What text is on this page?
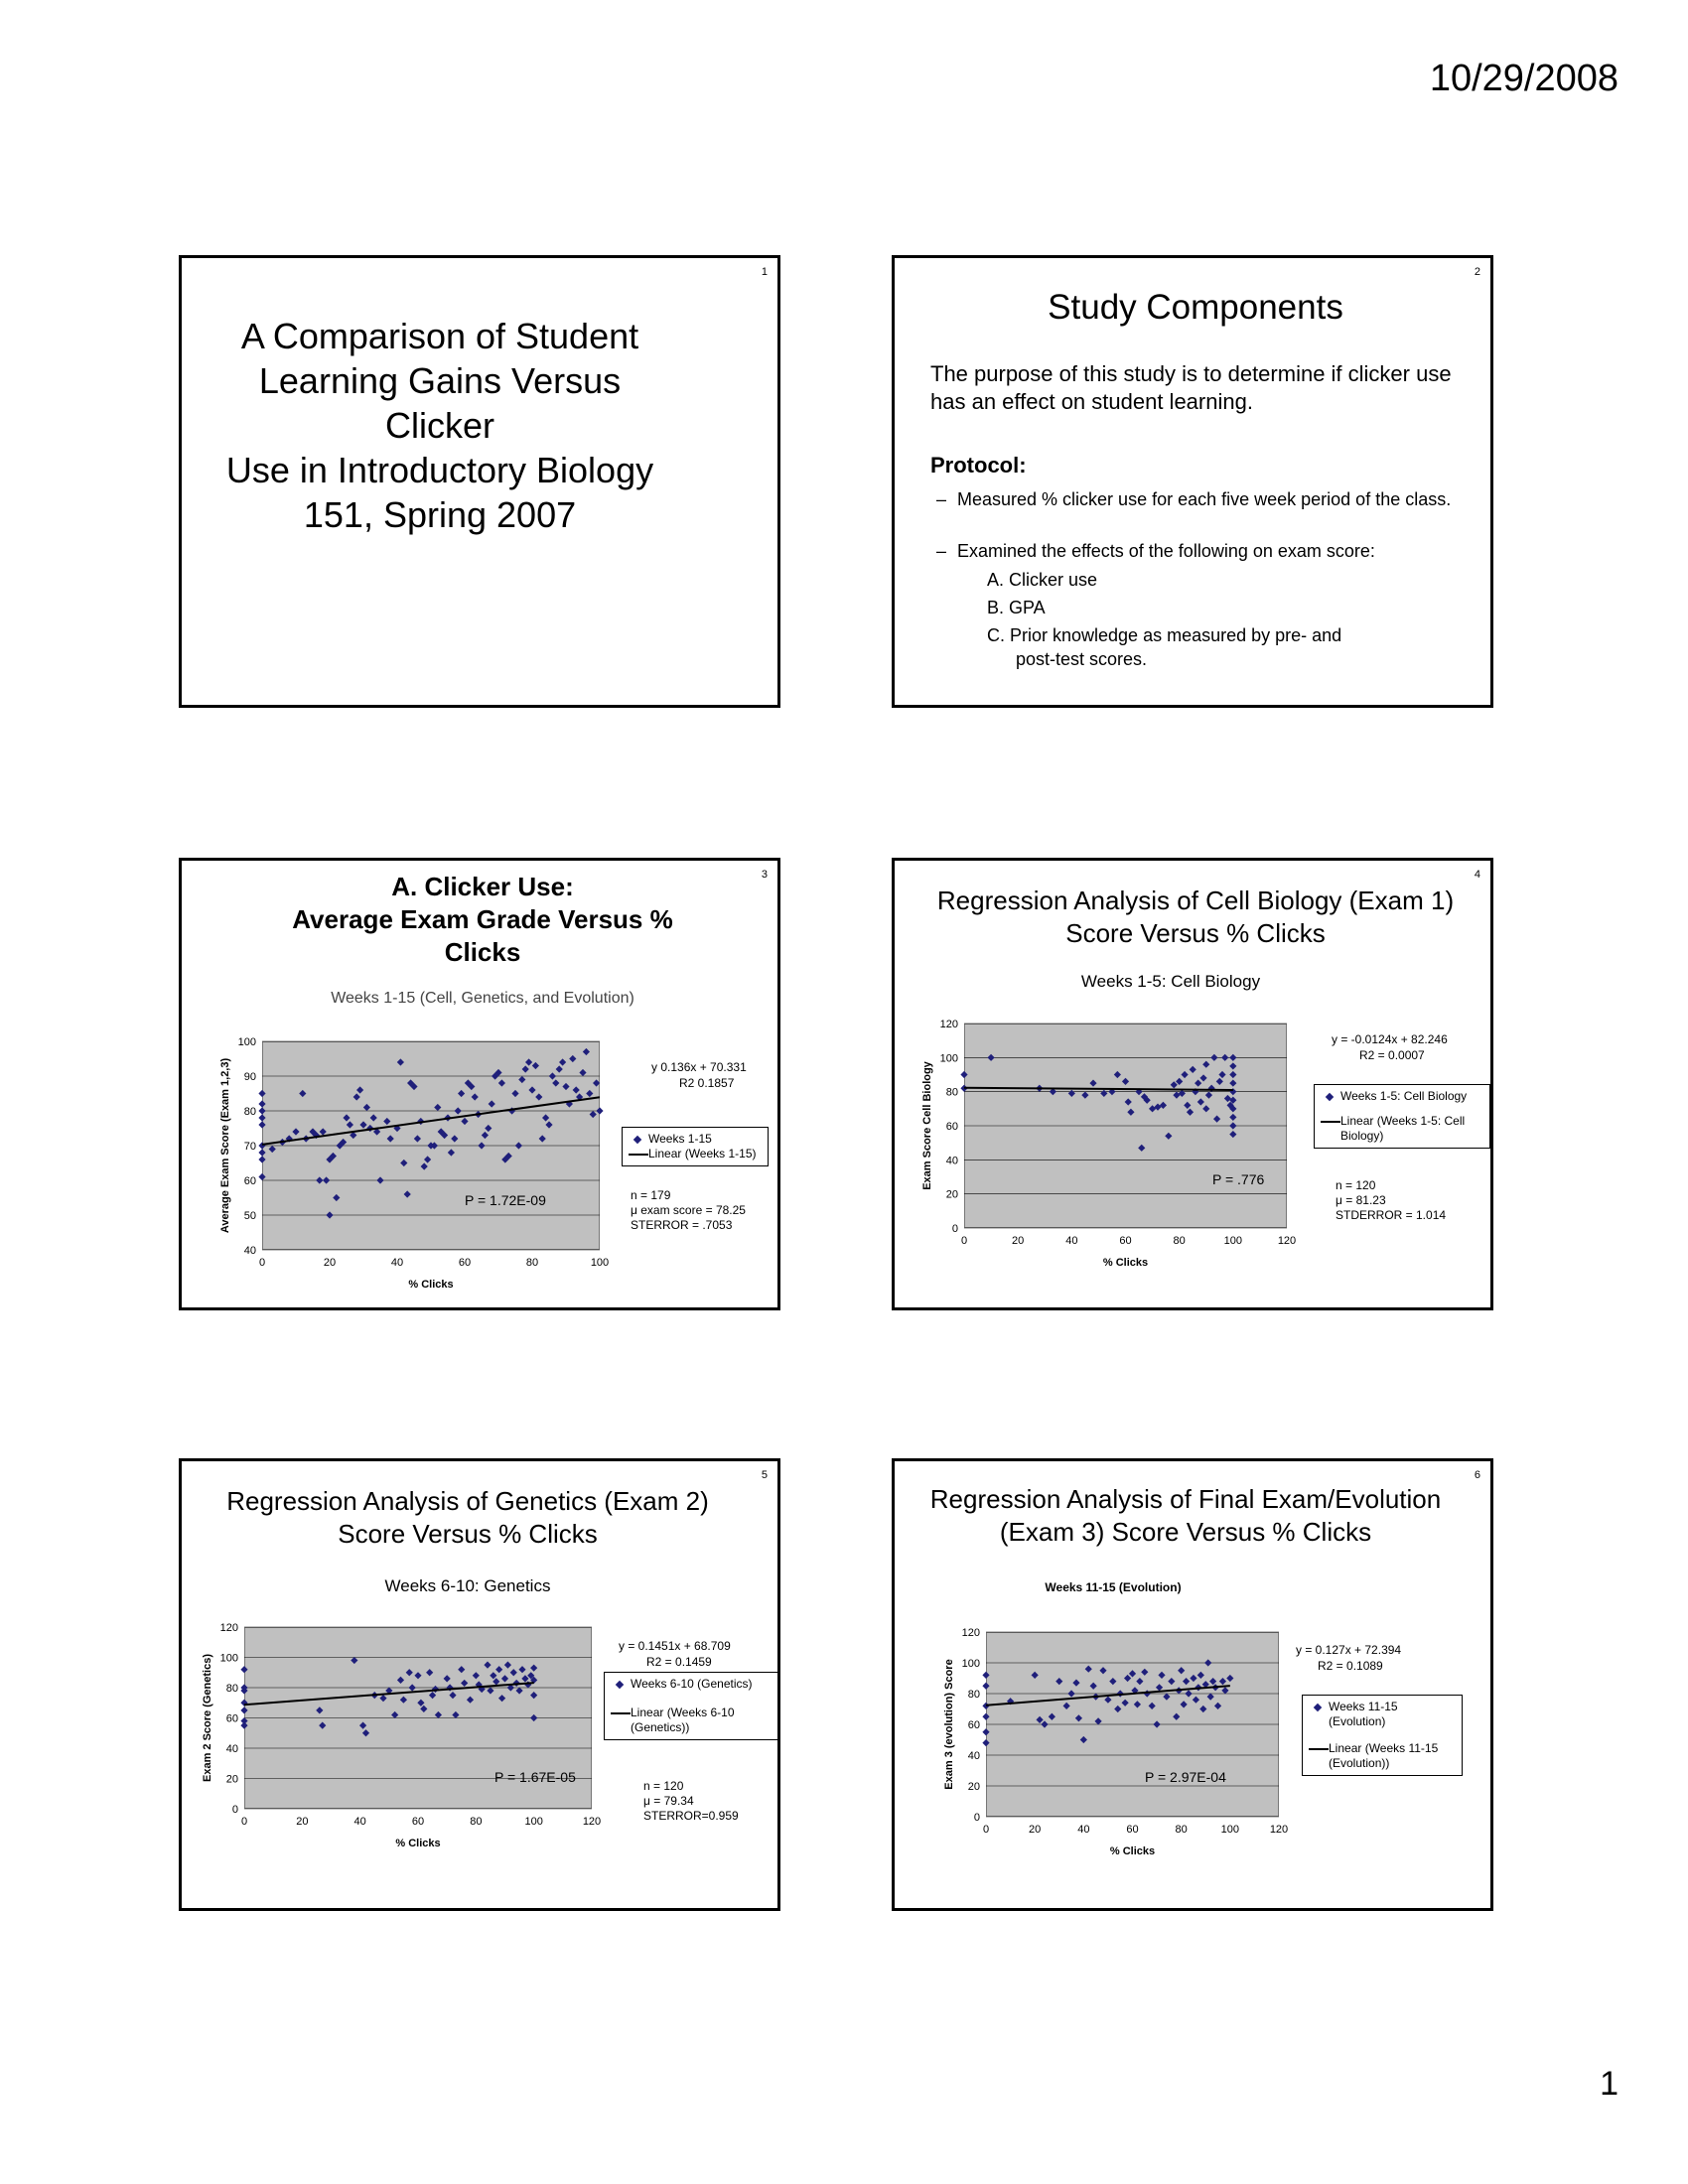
10/29/2008
1
1
A Comparison of Student
Learning Gains Versus Clicker
Use in Introductory Biology
151, Spring 2007
2
Study Components
The purpose of this study is to determine if clicker use has an effect on student learning.
Protocol:
– Measured % clicker use for each five week period of the class.
– Examined the effects of the following on exam score:
A. Clicker use
B. GPA
C. Prior knowledge as measured by pre- and
post-test scores.
3
A. Clicker Use:
Average Exam Grade Versus %
Clicks
Weeks 1-15 (Cell, Genetics, and Evolution)
40
50
60
70
80
90
100
0	20	40	60	80	100
% Clicks
Average Exam Score (Exam 1,2,3)	y 0.136x + 70.331
R2 0.1857
Weeks 1-15
Linear (Weeks 1-15)
n = 179
μ exam score = 78.25
STERROR = .7053
P = 1.72E-09
4
Regression Analysis of Cell Biology (Exam 1)
Score Versus % Clicks
Weeks 1-5: Cell Biology
0
20
40
60
80
100
120
0	20	40	60	80	100	120
% Clicks
Exam Score Cell Biology
y = -0.0124x + 82.246
R2 = 0.0007
Weeks 1-5: Cell Biology
Linear (Weeks 1-5: Cell Biology)
n = 120
μ = 81.23
STDERROR = 1.014
P = .776
5
Regression Analysis of Genetics (Exam 2)
Score Versus % Clicks
Weeks 6-10: Genetics
0
20
40
60
80
100
120
0	20	40	60	80	100	120
% Clicks
Exam 2 Score (Genetics)
y = 0.1451x + 68.709
R2 = 0.1459
Weeks 6-10 (Genetics)
Linear (Weeks 6-10 (Genetics))
n = 120
μ = 79.34
STERROR=0.959
P = 1.67E-05
6
Regression Analysis of Final Exam/Evolution
(Exam 3) Score Versus % Clicks
Weeks 11-15 (Evolution)
0
20
40
60
80
100
120
0	20	40	60	80	100	120
% Clicks
Exam 3 (evolution) Score
y = 0.127x + 72.394
R2 = 0.1089
Weeks 11-15 (Evolution)
Linear (Weeks 11-15 (Evolution))
P = 2.97E-04
